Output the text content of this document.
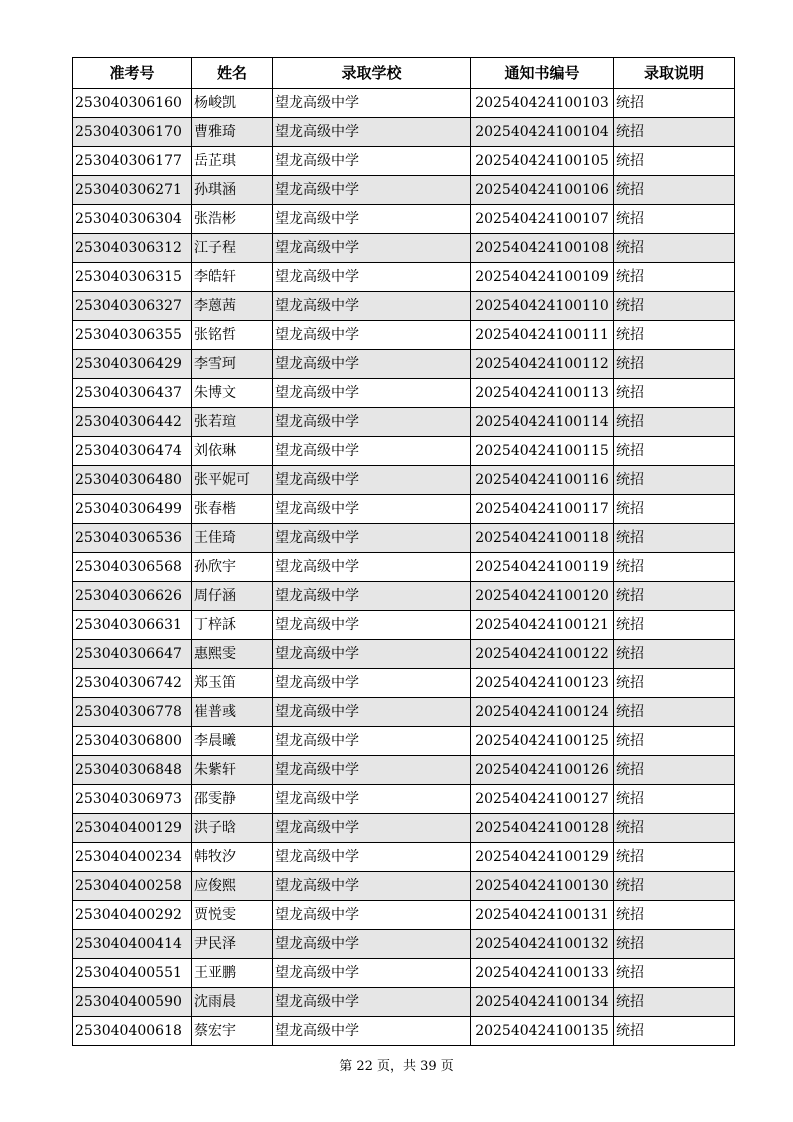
准考号	姓名	录取学校	通知书编号	录取说明
253040306160	杨峻凯	望龙高级中学	202540424100103	统招
253040306170	曹雅琦	望龙高级中学	202540424100104	统招
253040306177	岳芷琪	望龙高级中学	202540424100105	统招
253040306271	孙琪涵	望龙高级中学	202540424100106	统招
253040306304	张浩彬	望龙高级中学	202540424100107	统招
253040306312	江子程	望龙高级中学	202540424100108	统招
253040306315	李皓轩	望龙高级中学	202540424100109	统招
253040306327	李蒽茜	望龙高级中学	202540424100110	统招
253040306355	张铭哲	望龙高级中学	202540424100111	统招
253040306429	李雪珂	望龙高级中学	202540424100112	统招
253040306437	朱博文	望龙高级中学	202540424100113	统招
253040306442	张若瑄	望龙高级中学	202540424100114	统招
253040306474	刘依琳	望龙高级中学	202540424100115	统招
253040306480	张平妮可	望龙高级中学	202540424100116	统招
253040306499	张春楷	望龙高级中学	202540424100117	统招
253040306536	王佳琦	望龙高级中学	202540424100118	统招
253040306568	孙欣宇	望龙高级中学	202540424100119	统招
253040306626	周仔涵	望龙高级中学	202540424100120	统招
253040306631	丁梓訸	望龙高级中学	202540424100121	统招
253040306647	惠熙雯	望龙高级中学	202540424100122	统招
253040306742	郑玉笛	望龙高级中学	202540424100123	统招
253040306778	崔普彧	望龙高级中学	202540424100124	统招
253040306800	李晨曦	望龙高级中学	202540424100125	统招
253040306848	朱紫轩	望龙高级中学	202540424100126	统招
253040306973	邵雯静	望龙高级中学	202540424100127	统招
253040400129	洪子晗	望龙高级中学	202540424100128	统招
253040400234	韩牧汐	望龙高级中学	202540424100129	统招
253040400258	应俊熙	望龙高级中学	202540424100130	统招
253040400292	贾悦雯	望龙高级中学	202540424100131	统招
253040400414	尹民泽	望龙高级中学	202540424100132	统招
253040400551	王亚鹏	望龙高级中学	202540424100133	统招
253040400590	沈雨晨	望龙高级中学	202540424100134	统招
253040400618	蔡宏宇	望龙高级中学	202540424100135	统招
第 22 页，共 39 页
